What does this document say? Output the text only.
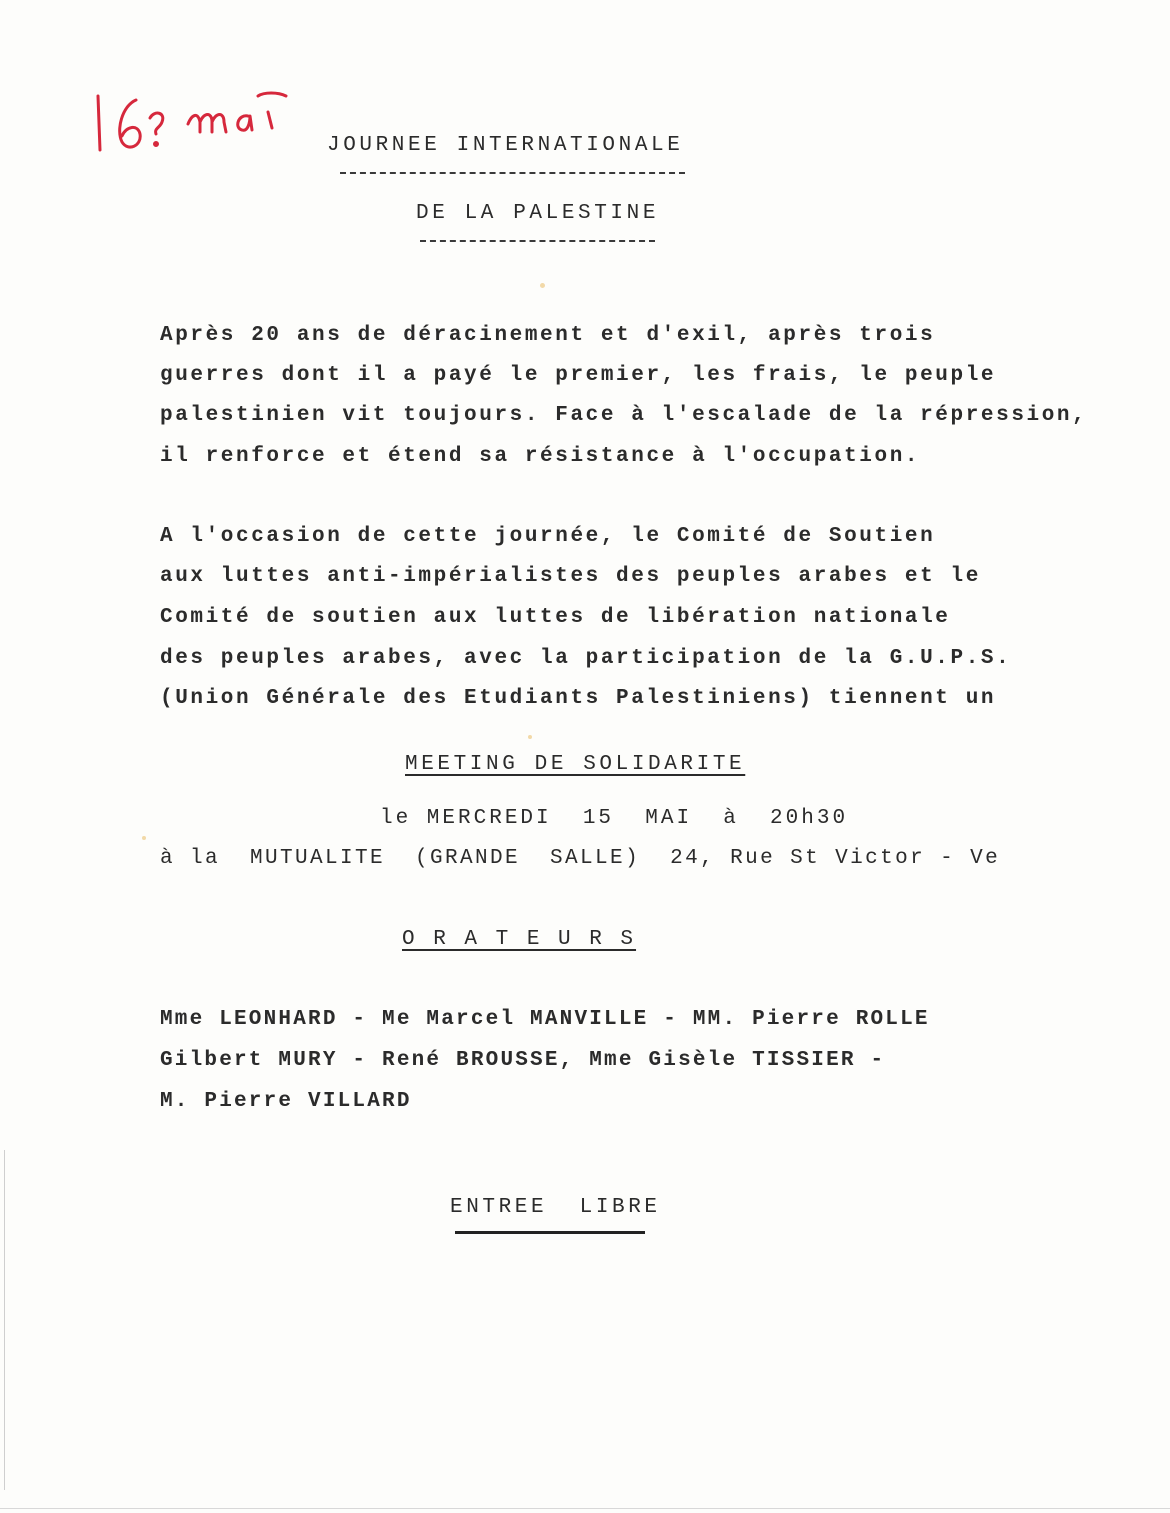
JOURNEE INTERNATIONALE
DE LA PALESTINE
Après 20 ans de déracinement et d'exil, après trois
guerres dont il a payé le premier, les frais, le peuple
palestinien vit toujours. Face à l'escalade de la répression,
il renforce et étend sa résistance à l'occupation.
A l'occasion de cette journée, le Comité de Soutien
aux luttes anti-impérialistes des peuples arabes et le
Comité de soutien aux luttes de libération nationale
des peuples arabes, avec la participation de la G.U.P.S.
(Union Générale des Etudiants Palestiniens) tiennent un
MEETING DE SOLIDARITE
le MERCREDI  15  MAI  à  20h30
à la  MUTUALITE  (GRANDE  SALLE)  24, Rue St Victor - Ve
O R A T E U R S
Mme LEONHARD - Me Marcel MANVILLE - MM. Pierre ROLLE
Gilbert MURY - René BROUSSE, Mme Gisèle TISSIER -
M. Pierre VILLARD
ENTREE  LIBRE
